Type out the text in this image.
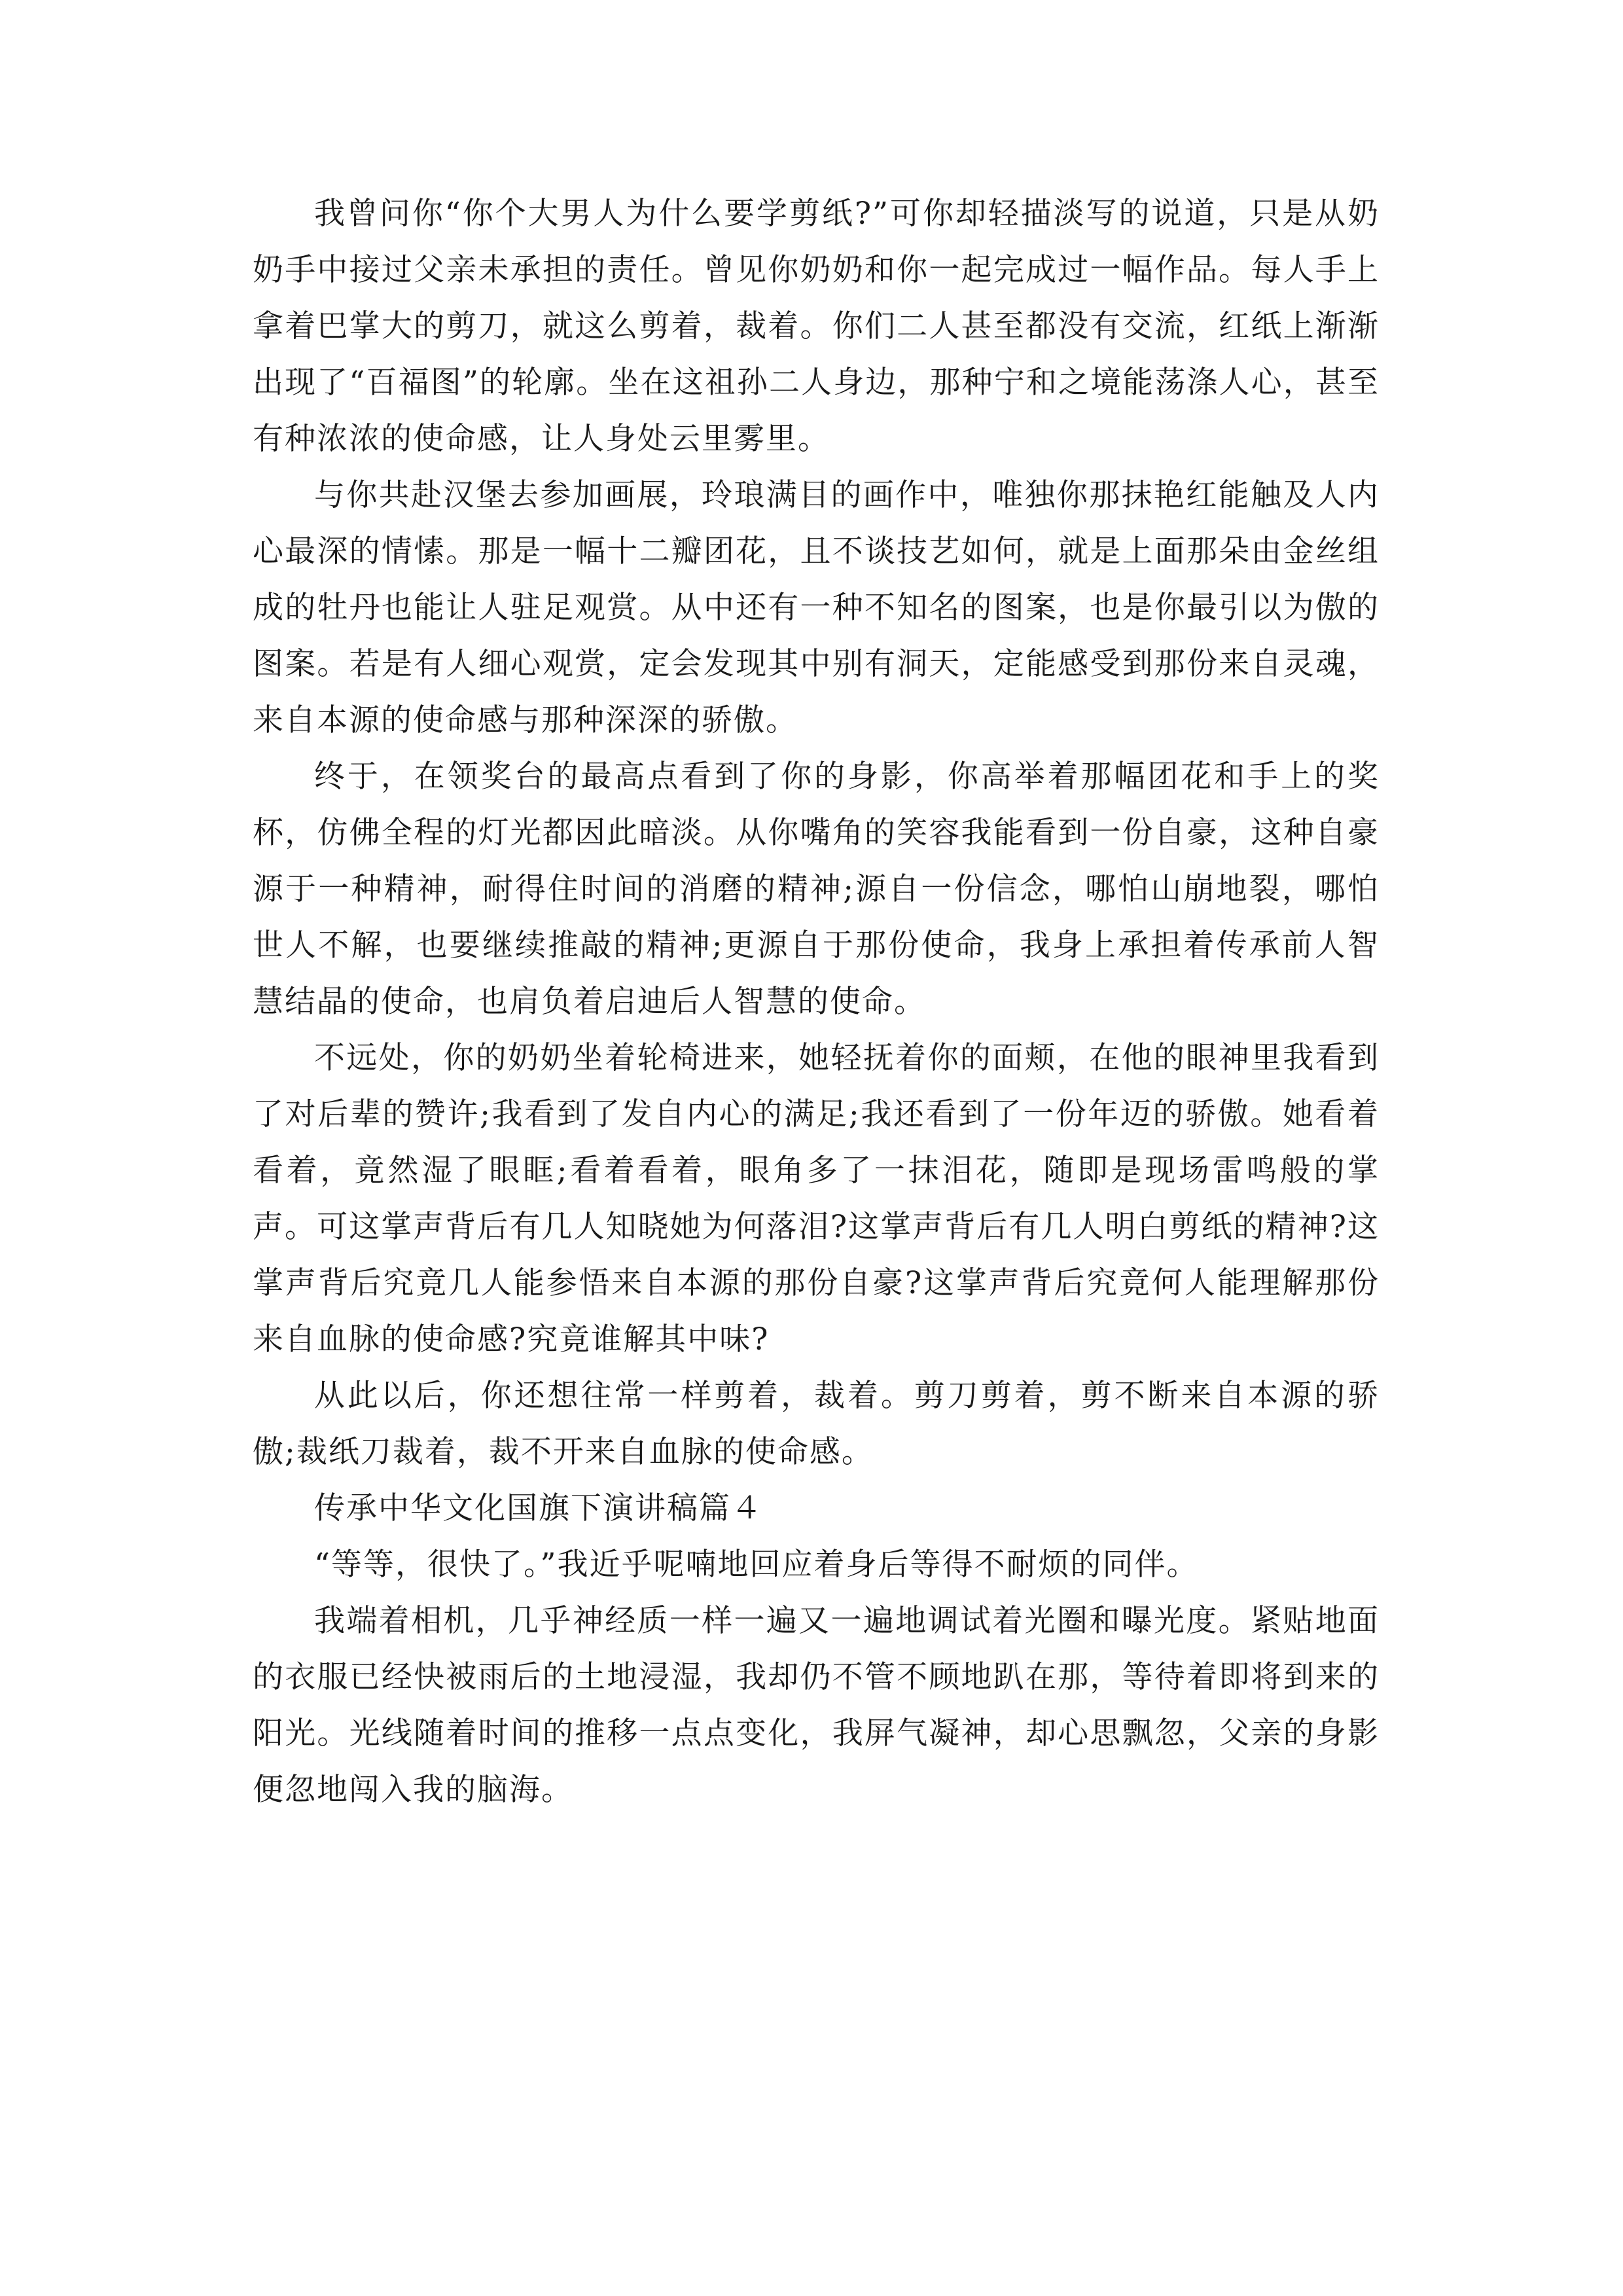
我曾问你“你个大男人为什么要学剪纸?”可你却轻描淡写的说道，只是从奶奶手中接过父亲未承担的责任。曾见你奶奶和你一起完成过一幅作品。每人手上拿着巴掌大的剪刀，就这么剪着，裁着。你们二人甚至都没有交流，红纸上渐渐出现了“百福图”的轮廓。坐在这祖孙二人身边，那种宁和之境能荡涤人心，甚至有种浓浓的使命感，让人身处云里雾里。

与你共赴汉堡去参加画展，玲琅满目的画作中，唯独你那抹艳红能触及人内心最深的情愫。那是一幅十二瓣团花，且不谈技艺如何，就是上面那朵由金丝组成的牡丹也能让人驻足观赏。从中还有一种不知名的图案，也是你最引以为傲的图案。若是有人细心观赏，定会发现其中别有洞天，定能感受到那份来自灵魂，来自本源的使命感与那种深深的骄傲。

终于，在领奖台的最高点看到了你的身影，你高举着那幅团花和手上的奖杯，仿佛全程的灯光都因此暗淡。从你嘴角的笑容我能看到一份自豪，这种自豪源于一种精神，耐得住时间的消磨的精神;源自一份信念，哪怕山崩地裂，哪怕世人不解，也要继续推敲的精神;更源自于那份使命，我身上承担着传承前人智慧结晶的使命，也肩负着启迪后人智慧的使命。

不远处，你的奶奶坐着轮椅进来，她轻抚着你的面颊，在他的眼神里我看到了对后辈的赞许;我看到了发自内心的满足;我还看到了一份年迈的骄傲。她看着看着，竟然湿了眼眶;看着看着，眼角多了一抹泪花，随即是现场雷鸣般的掌声。可这掌声背后有几人知晓她为何落泪?这掌声背后有几人明白剪纸的精神?这掌声背后究竟几人能参悟来自本源的那份自豪?这掌声背后究竟何人能理解那份来自血脉的使命感?究竟谁解其中味?

从此以后，你还想往常一样剪着，裁着。剪刀剪着，剪不断来自本源的骄傲;裁纸刀裁着，裁不开来自血脉的使命感。

传承中华文化国旗下演讲稿篇４

“等等，很快了。”我近乎呢喃地回应着身后等得不耐烦的同伴。

我端着相机，几乎神经质一样一遍又一遍地调试着光圈和曝光度。紧贴地面的衣服已经快被雨后的土地浸湿，我却仍不管不顾地趴在那，等待着即将到来的阳光。光线随着时间的推移一点点变化，我屏气凝神，却心思飘忽，父亲的身影便忽地闯入我的脑海。
